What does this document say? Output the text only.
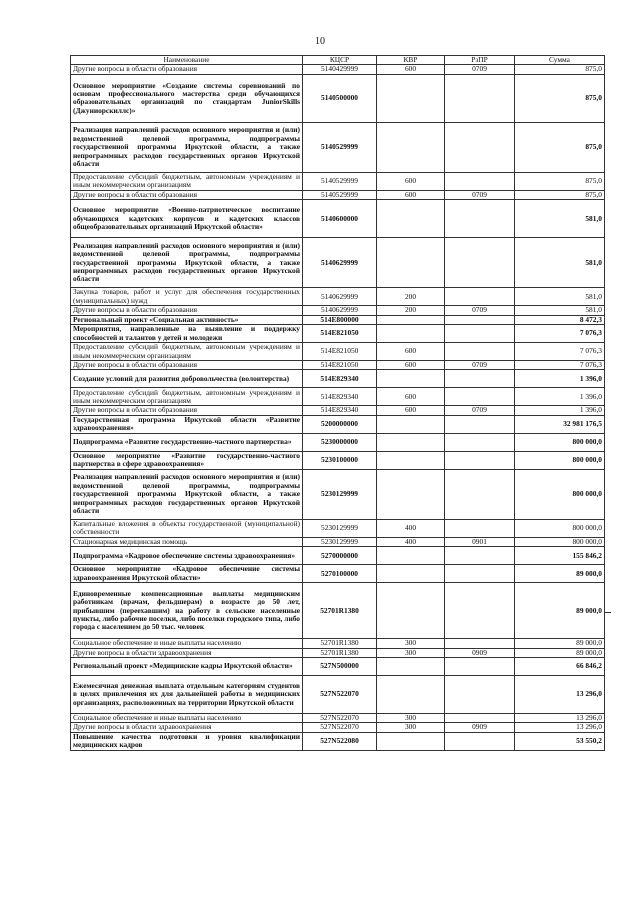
10
Наименование	КЦСР	КВР	РзПР	Сумма
Другие вопросы в области образования	5140429999	600	0709	875,0
Основное мероприятие «Создание системы соревнований по основам профессионального мастерства среди обучающихся образовательных организаций по стандартам JuniorSkills (Джуниорскиллс)»	5140500000			875,0
Реализация направлений расходов основного мероприятия и (или) ведомственной целевой программы, подпрограммы государственной программы Иркутской области, а также непрограммных расходов государственных органов Иркутской области	5140529999			875,0
Предоставление субсидий бюджетным, автономным учреждениям и иным некоммерческим организациям	5140529999	600		875,0
Другие вопросы в области образования	5140529999	600	0709	875,0
Основное мероприятие «Военно-патриотическое воспитание обучающихся кадетских корпусов и кадетских классов общеобразовательных организаций Иркутской области»	5140600000			581,0
Реализация направлений расходов основного мероприятия и (или) ведомственной целевой программы, подпрограммы государственной программы Иркутской области, а также непрограммных расходов государственных органов Иркутской области	5140629999			581,0
Закупка товаров, работ и услуг для обеспечения государственных (муниципальных) нужд	5140629999	200		581,0
Другие вопросы в области образования	5140629999	200	0709	581,0
Региональный проект «Социальная активность»	514E800000			8 472,3
Мероприятия, направленные на выявление и поддержку способностей и талантов у детей и молодежи	514E821050			7 076,3
Предоставление субсидий бюджетным, автономным учреждениям и иным некоммерческим организациям	514E821050	600		7 076,3
Другие вопросы в области образования	514E821050	600	0709	7 076,3
Создание условий для развития добровольчества (волонтерства)	514E829340			1 396,0
Предоставление субсидий бюджетным, автономным учреждениям и иным некоммерческим организациям	514E829340	600		1 396,0
Другие вопросы в области образования	514E829340	600	0709	1 396,0
Государственная программа Иркутской области «Развитие здравоохранения»	5200000000			32 981 176,5
Подпрограмма «Развитие государственно-частного партнерства»	5230000000			800 000,0
Основное мероприятие «Развитие государственно-частного партнерства в сфере здравоохранения»	5230100000			800 000,0
Реализация направлений расходов основного мероприятия и (или) ведомственной целевой программы, подпрограммы государственной программы Иркутской области, а также непрограммных расходов государственных органов Иркутской области	5230129999			800 000,0
Капитальные вложения в объекты государственной (муниципальной) собственности	5230129999	400		800 000,0
Стационарная медицинская помощь	5230129999	400	0901	800 000,0
Подпрограмма «Кадровое обеспечение системы здравоохранения»	5270000000			155 846,2
Основное мероприятие «Кадровое обеспечение системы здравоохранения Иркутской области»	5270100000			89 000,0
Единовременные компенсационные выплаты медицинским работникам (врачам, фельдшерам) в возрасте до 50 лет, прибывшим (переехавшим) на работу в сельские населенные пункты, либо рабочие поселки, либо поселки городского типа, либо города с населением до 50 тыс. человек	52701R1380			89 000,0
Социальное обеспечение и иные выплаты населению	52701R1380	300		89 000,0
Другие вопросы в области здравоохранения	52701R1380	300	0909	89 000,0
Региональный проект «Медицинские кадры Иркутской области»	527N500000			66 846,2
Ежемесячная денежная выплата отдельным категориям студентов в целях привлечения их для дальнейшей работы в медицинских организациях, расположенных на территории Иркутской области	527N522070			13 296,0
Социальное обеспечение и иные выплаты населению	527N522070	300		13 296,0
Другие вопросы в области здравоохранения	527N522070	300	0909	13 296,0
Повышение качества подготовки и уровня квалификации медицинских кадров	527N522080			53 550,2
